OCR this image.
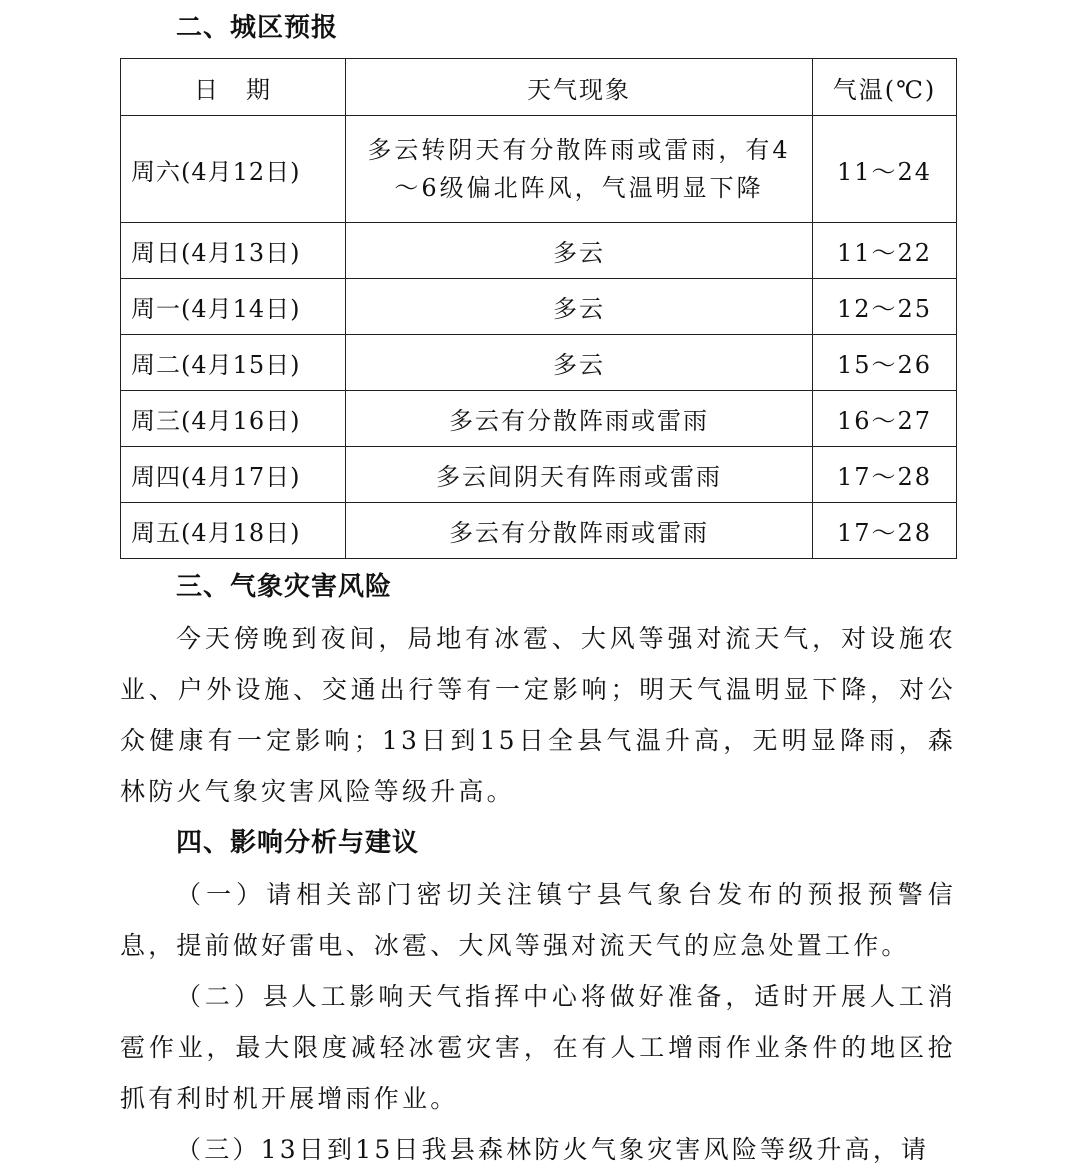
二、城区预报
日　期	天气现象	气温(℃)
周六(4月12日)	多云转阴天有分散阵雨或雷雨，有4～6级偏北阵风，气温明显下降	11～24
周日(4月13日)	多云	11～22
周一(4月14日)	多云	12～25
周二(4月15日)	多云	15～26
周三(4月16日)	多云有分散阵雨或雷雨	16～27
周四(4月17日)	多云间阴天有阵雨或雷雨	17～28
周五(4月18日)	多云有分散阵雨或雷雨	17～28
三、气象灾害风险

今天傍晚到夜间，局地有冰雹、大风等强对流天气，对设施农业、户外设施、交通出行等有一定影响；明天气温明显下降，对公众健康有一定影响；13日到15日全县气温升高，无明显降雨，森林防火气象灾害风险等级升高。

四、影响分析与建议

（一）请相关部门密切关注镇宁县气象台发布的预报预警信息，提前做好雷电、冰雹、大风等强对流天气的应急处置工作。

（二）县人工影响天气指挥中心将做好准备，适时开展人工消雹作业，最大限度减轻冰雹灾害，在有人工增雨作业条件的地区抢抓有利时机开展增雨作业。

（三）13日到15日我县森林防火气象灾害风险等级升高，请
